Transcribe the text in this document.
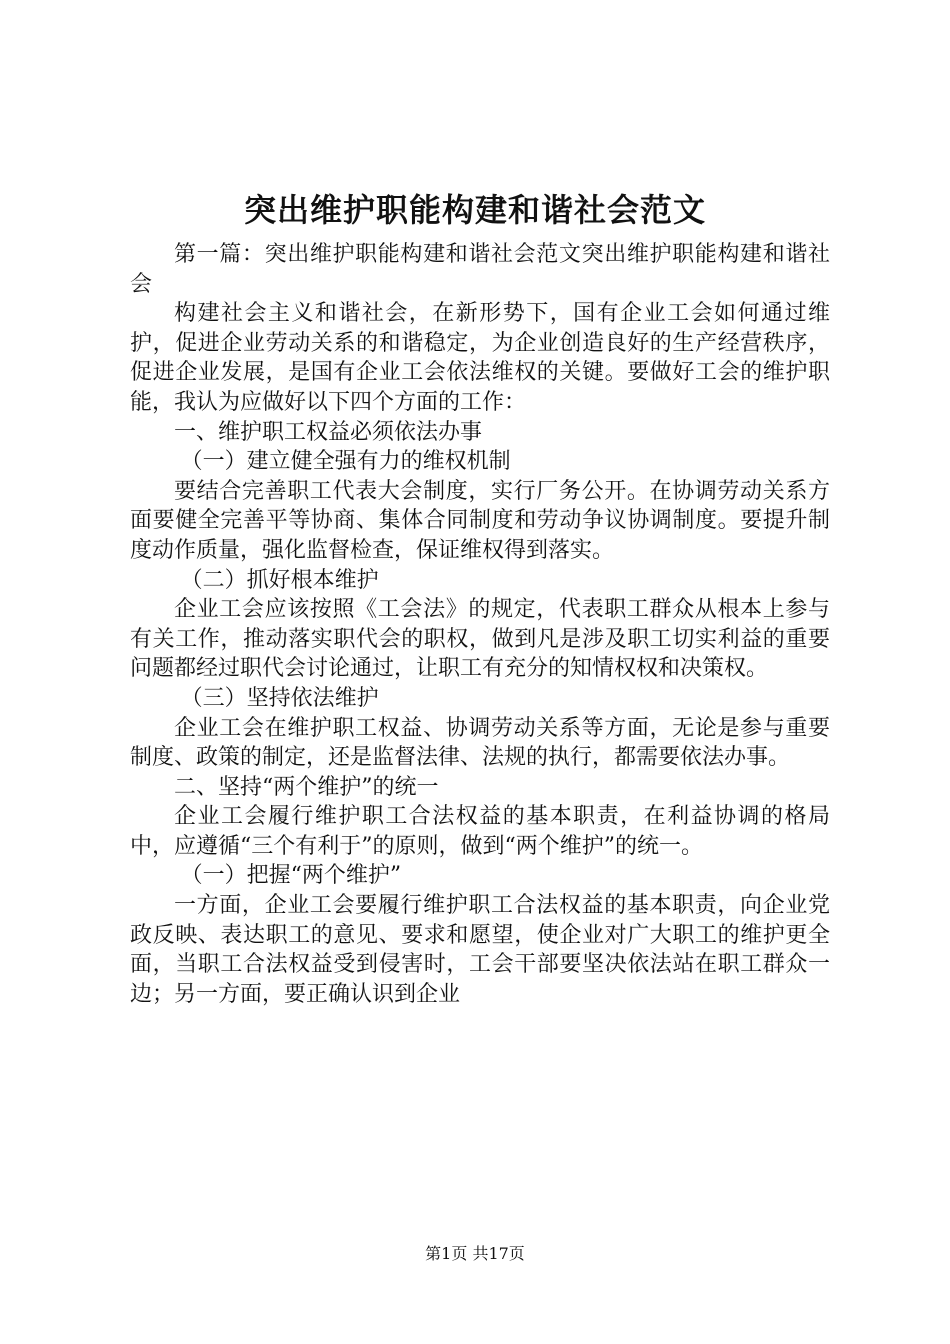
突出维护职能构建和谐社会范文

第一篇：突出维护职能构建和谐社会范文突出维护职能构建和谐社会

构建社会主义和谐社会，在新形势下，国有企业工会如何通过维护，促进企业劳动关系的和谐稳定，为企业创造良好的生产经营秩序，促进企业发展，是国有企业工会依法维权的关键。要做好工会的维护职能，我认为应做好以下四个方面的工作：

一、维护职工权益必须依法办事

（一）建立健全强有力的维权机制

要结合完善职工代表大会制度，实行厂务公开。在协调劳动关系方面要健全完善平等协商、集体合同制度和劳动争议协调制度。要提升制度动作质量，强化监督检查，保证维权得到落实。

（二）抓好根本维护

企业工会应该按照《工会法》的规定，代表职工群众从根本上参与有关工作，推动落实职代会的职权，做到凡是涉及职工切实利益的重要问题都经过职代会讨论通过，让职工有充分的知情权权和决策权。

（三）坚持依法维护

企业工会在维护职工权益、协调劳动关系等方面，无论是参与重要制度、政策的制定，还是监督法律、法规的执行，都需要依法办事。

二、坚持“两个维护”的统一

企业工会履行维护职工合法权益的基本职责，在利益协调的格局中，应遵循“三个有利于”的原则，做到“两个维护”的统一。

（一）把握“两个维护”

一方面，企业工会要履行维护职工合法权益的基本职责，向企业党政反映、表达职工的意见、要求和愿望，使企业对广大职工的维护更全面，当职工合法权益受到侵害时，工会干部要坚决依法站在职工群众一边；另一方面，要正确认识到企业

第1页 共17页
